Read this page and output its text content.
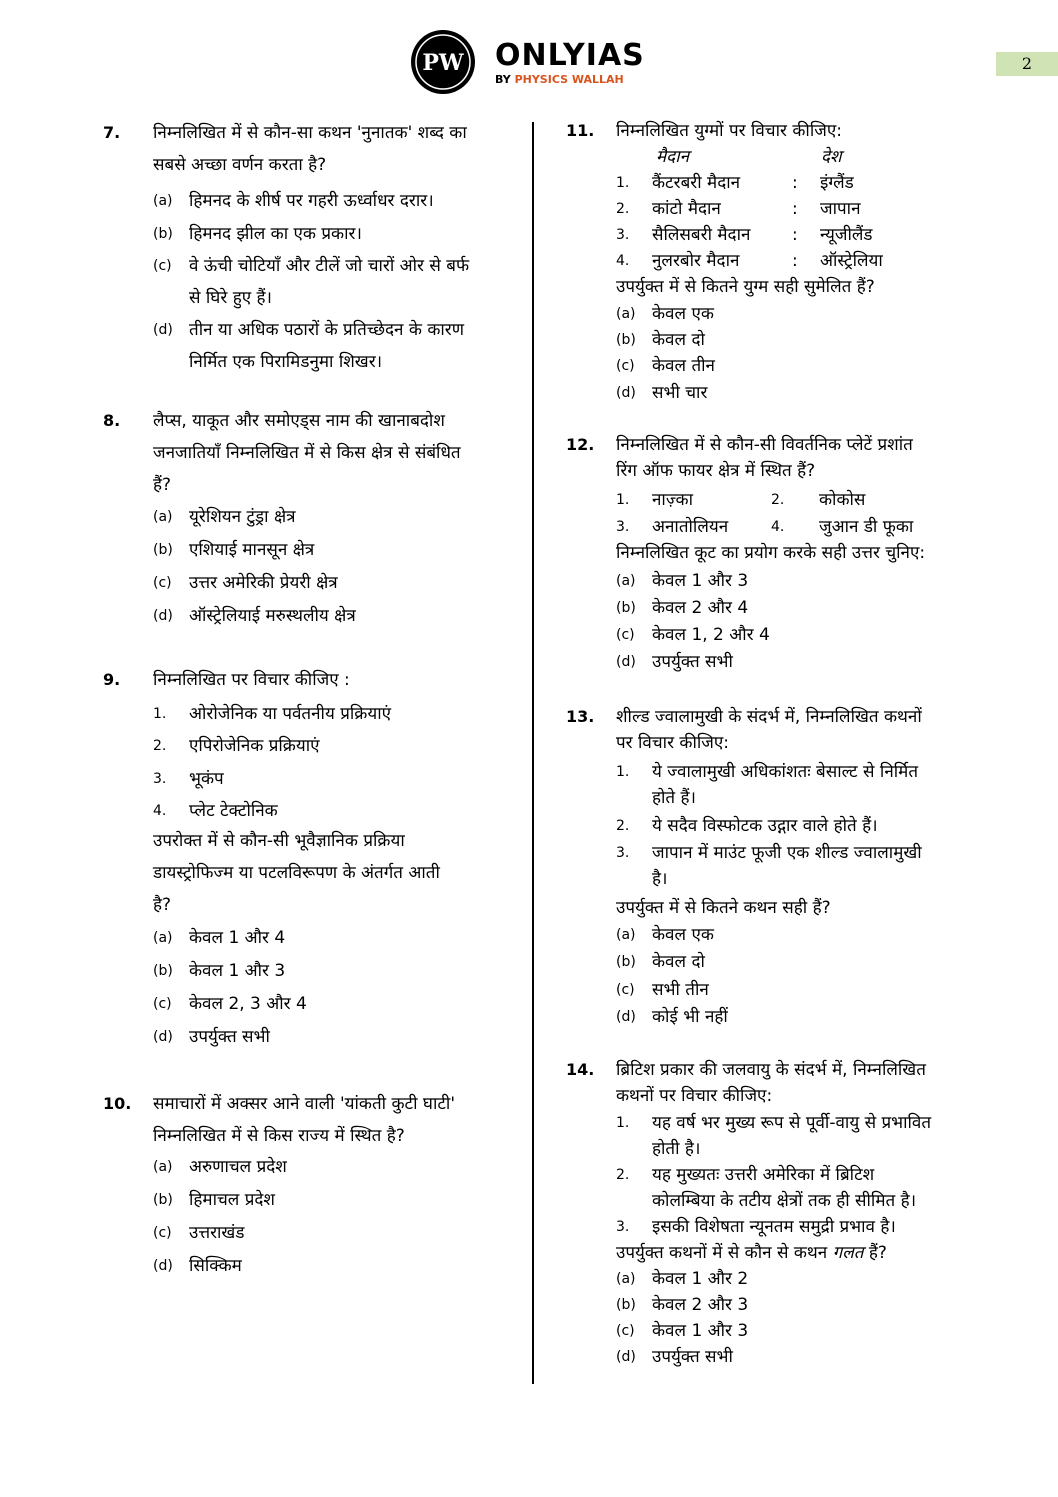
PW ONLYIAS
BY PHYSICS WALLAH
2
7. निम्नलिखित में से कौन-सा कथन 'नुनातक' शब्द का
सबसे अच्छा वर्णन करता है?
(a) हिमनद के शीर्ष पर गहरी ऊर्ध्वाधर दरार।
(b) हिमनद झील का एक प्रकार।
(c) वे ऊंची चोटियाँ और टीलें जो चारों ओर से बर्फ
से घिरे हुए हैं।
(d) तीन या अधिक पठारों के प्रतिच्छेदन के कारण
निर्मित एक पिरामिडनुमा शिखर।
8. लैप्स, याकूत और समोएड्स नाम की खानाबदोश
जनजातियाँ निम्नलिखित में से किस क्षेत्र से संबंधित
हैं?
(a) यूरेशियन टुंड्रा क्षेत्र
(b) एशियाई मानसून क्षेत्र
(c) उत्तर अमेरिकी प्रेयरी क्षेत्र
(d) ऑस्ट्रेलियाई मरुस्थलीय क्षेत्र
9. निम्नलिखित पर विचार कीजिए :
1. ओरोजेनिक या पर्वतनीय प्रक्रियाएं
2. एपिरोजेनिक प्रक्रियाएं
3. भूकंप
4. प्लेट टेक्टोनिक
उपरोक्त में से कौन-सी भूवैज्ञानिक प्रक्रिया
डायस्ट्रोफिज्म या पटलविरूपण के अंतर्गत आती
है?
(a) केवल 1 और 4
(b) केवल 1 और 3
(c) केवल 2, 3 और 4
(d) उपर्युक्त सभी
10. समाचारों में अक्सर आने वाली 'यांकती कुटी घाटी'
निम्नलिखित में से किस राज्य में स्थित है?
(a) अरुणाचल प्रदेश
(b) हिमाचल प्रदेश
(c) उत्तराखंड
(d) सिक्किम
11. निम्नलिखित युग्मों पर विचार कीजिए:
मैदान	देश
1. कैंटरबरी मैदान	: इंग्लैंड
2. कांटो मैदान	: जापान
3. सैलिसबरी मैदान : न्यूजीलैंड
4. नुलरबोर मैदान	: ऑस्ट्रेलिया
उपर्युक्त में से कितने युग्म सही सुमेलित हैं?
(a) केवल एक
(b) केवल दो
(c) केवल तीन
(d) सभी चार
12. निम्नलिखित में से कौन-सी विवर्तनिक प्लेटें प्रशांत
रिंग ऑफ फायर क्षेत्र में स्थित हैं?
1. नाज़्का	2. कोकोस
3. अनातोलियन	4. जुआन डी फूका
निम्नलिखित कूट का प्रयोग करके सही उत्तर चुनिए:
(a) केवल 1 और 3
(b) केवल 2 और 4
(c) केवल 1, 2 और 4
(d) उपर्युक्त सभी
13. शील्ड ज्वालामुखी के संदर्भ में, निम्नलिखित कथनों
पर विचार कीजिए:
1. ये ज्वालामुखी अधिकांशतः बेसाल्ट से निर्मित
होते हैं।
2. ये सदैव विस्फोटक उद्गार वाले होते हैं।
3. जापान में माउंट फूजी एक शील्ड ज्वालामुखी
है।
उपर्युक्त में से कितने कथन सही हैं?
(a) केवल एक
(b) केवल दो
(c) सभी तीन
(d) कोई भी नहीं
14. ब्रिटिश प्रकार की जलवायु के संदर्भ में, निम्नलिखित
कथनों पर विचार कीजिए:
1. यह वर्ष भर मुख्य रूप से पूर्वी-वायु से प्रभावित
होती है।
2. यह मुख्यतः उत्तरी अमेरिका में ब्रिटिश
कोलम्बिया के तटीय क्षेत्रों तक ही सीमित है।
3. इसकी विशेषता न्यूनतम समुद्री प्रभाव है।
उपर्युक्त कथनों में से कौन से कथन गलत हैं?
(a) केवल 1 और 2
(b) केवल 2 और 3
(c) केवल 1 और 3
(d) उपर्युक्त सभी
